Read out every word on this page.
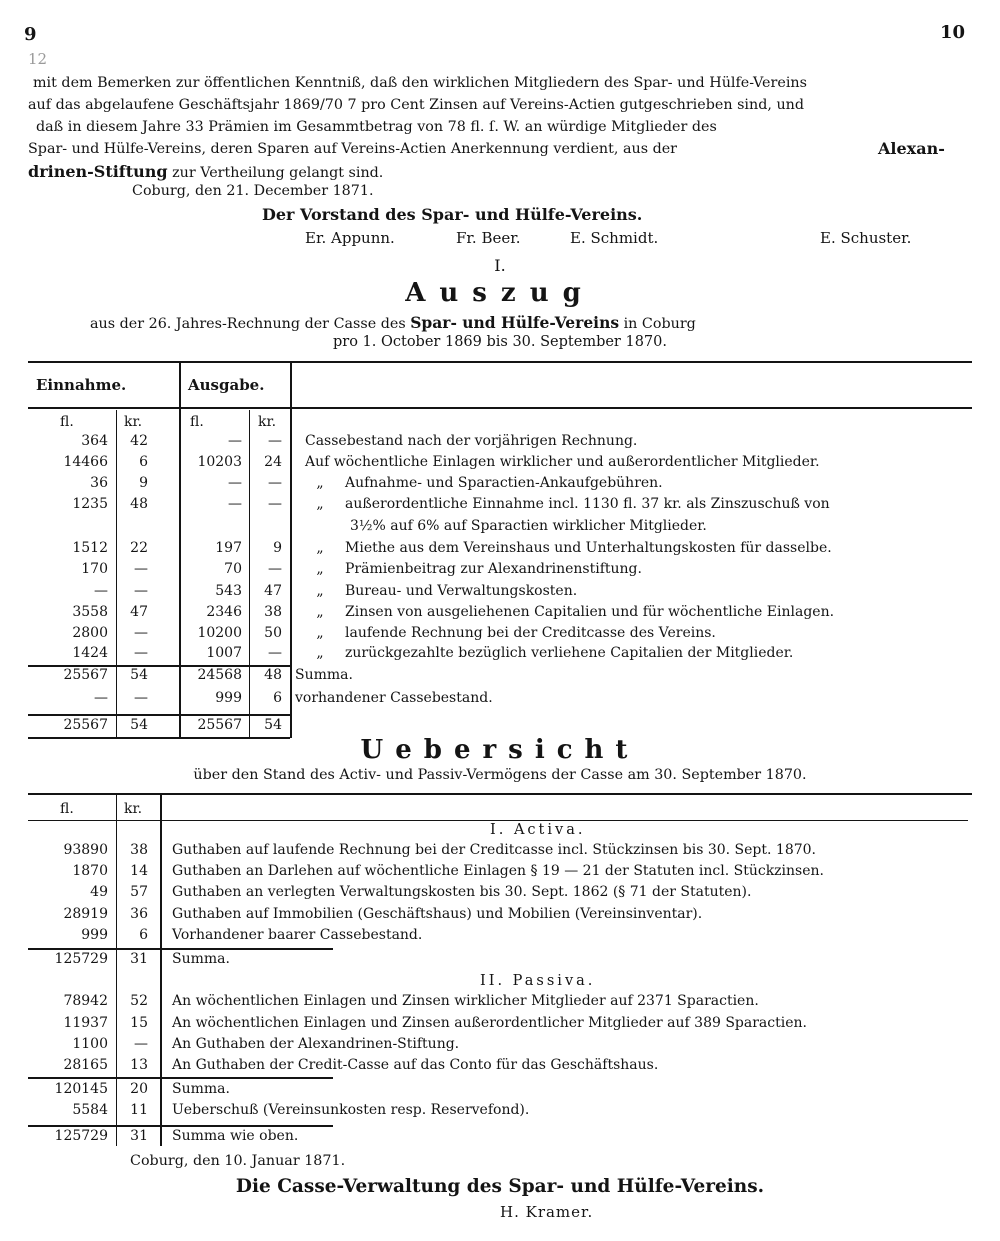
9
12
10
mit dem Bemerken zur öffentlichen Kenntniß, daß den wirklichen Mitgliedern des Spar- und Hülfe-Vereins
auf das abgelaufene Geschäftsjahr 1869/70 7 pro Cent Zinsen auf Vereins-Actien gutgeschrieben sind, und
daß in diesem Jahre 33 Prämien im Gesammtbetrag von 78 fl. ſ. W. an würdige Mitglieder des
Spar- und Hülfe-Vereins, deren Sparen auf Vereins-Actien Anerkennung verdient, aus der	Alexan-
drinen-Stiftung zur Vertheilung gelangt sind.
Coburg, den 21. December 1871.
Der Vorstand des Spar- und Hülfe-Vereins.
Er. Appunn.	Fr. Beer.	E. Schmidt.	E. Schuster.
I.
Auszug
aus der 26. Jahres-Rechnung der Casse des Spar- und Hülfe-Vereins in Coburg
pro 1. October 1869 bis 30. September 1870.
Einnahme.	Ausgabe.
fl.	kr.	fl.	kr.
364	42	—	— Cassebestand nach der vorjährigen Rechnung.
14466	6	10203	24 Auf wöchentliche Einlagen wirklicher und außerordentlicher Mitglieder.
36	9	—	— „ Aufnahme- und Sparactien-Ankaufgebühren.
1235	48	—	— „ außerordentliche Einnahme incl. 1130 fl. 37 kr. als Zinszuschuß von
3½% auf 6% auf Sparactien wirklicher Mitglieder.
1512	22	197	9 „ Miethe aus dem Vereinshaus und Unterhaltungskosten für dasselbe.
170	—	70	— „ Prämienbeitrag zur Alexandrinenstiftung.
—	—	543	47 „ Bureau- und Verwaltungskosten.
3558	47	2346	38 „ Zinsen von ausgeliehenen Capitalien und für wöchentliche Einlagen.
2800	—	10200	50 „ laufende Rechnung bei der Creditcasse des Vereins.
1424	—	1007	— „ zurückgezahlte bezüglich verliehene Capitalien der Mitglieder.
25567	54	24568	48 Summa.
—	—	999	6 vorhandener Cassebestand.
25567	54	25567	54
Uebersicht
über den Stand des Activ- und Passiv-Vermögens der Casse am 30. September 1870.
fl.	kr.
I. Activa.
93890	38 Guthaben auf laufende Rechnung bei der Creditcasse incl. Stückzinsen bis 30. Sept. 1870.
1870	14 Guthaben an Darlehen auf wöchentliche Einlagen § 19 — 21 der Statuten incl. Stückzinsen.
49	57 Guthaben an verlegten Verwaltungskosten bis 30. Sept. 1862 (§ 71 der Statuten).
28919	36 Guthaben auf Immobilien (Geschäftshaus) und Mobilien (Vereinsinventar).
999	6 Vorhandener baarer Cassebestand.
125729	31 Summa.
II. Passiva.
78942	52 An wöchentlichen Einlagen und Zinsen wirklicher Mitglieder auf 2371 Sparactien.
11937	15 An wöchentlichen Einlagen und Zinsen außerordentlicher Mitglieder auf 389 Sparactien.
1100	— An Guthaben der Alexandrinen-Stiftung.
28165	13 An Guthaben der Credit-Casse auf das Conto für das Geschäftshaus.
120145	20 Summa.
5584	11 Ueberschuß (Vereinsunkosten resp. Reservefond).
125729	31 Summa wie oben.
Coburg, den 10. Januar 1871.
Die Casse-Verwaltung des Spar- und Hülfe-Vereins.
H. Kramer.
